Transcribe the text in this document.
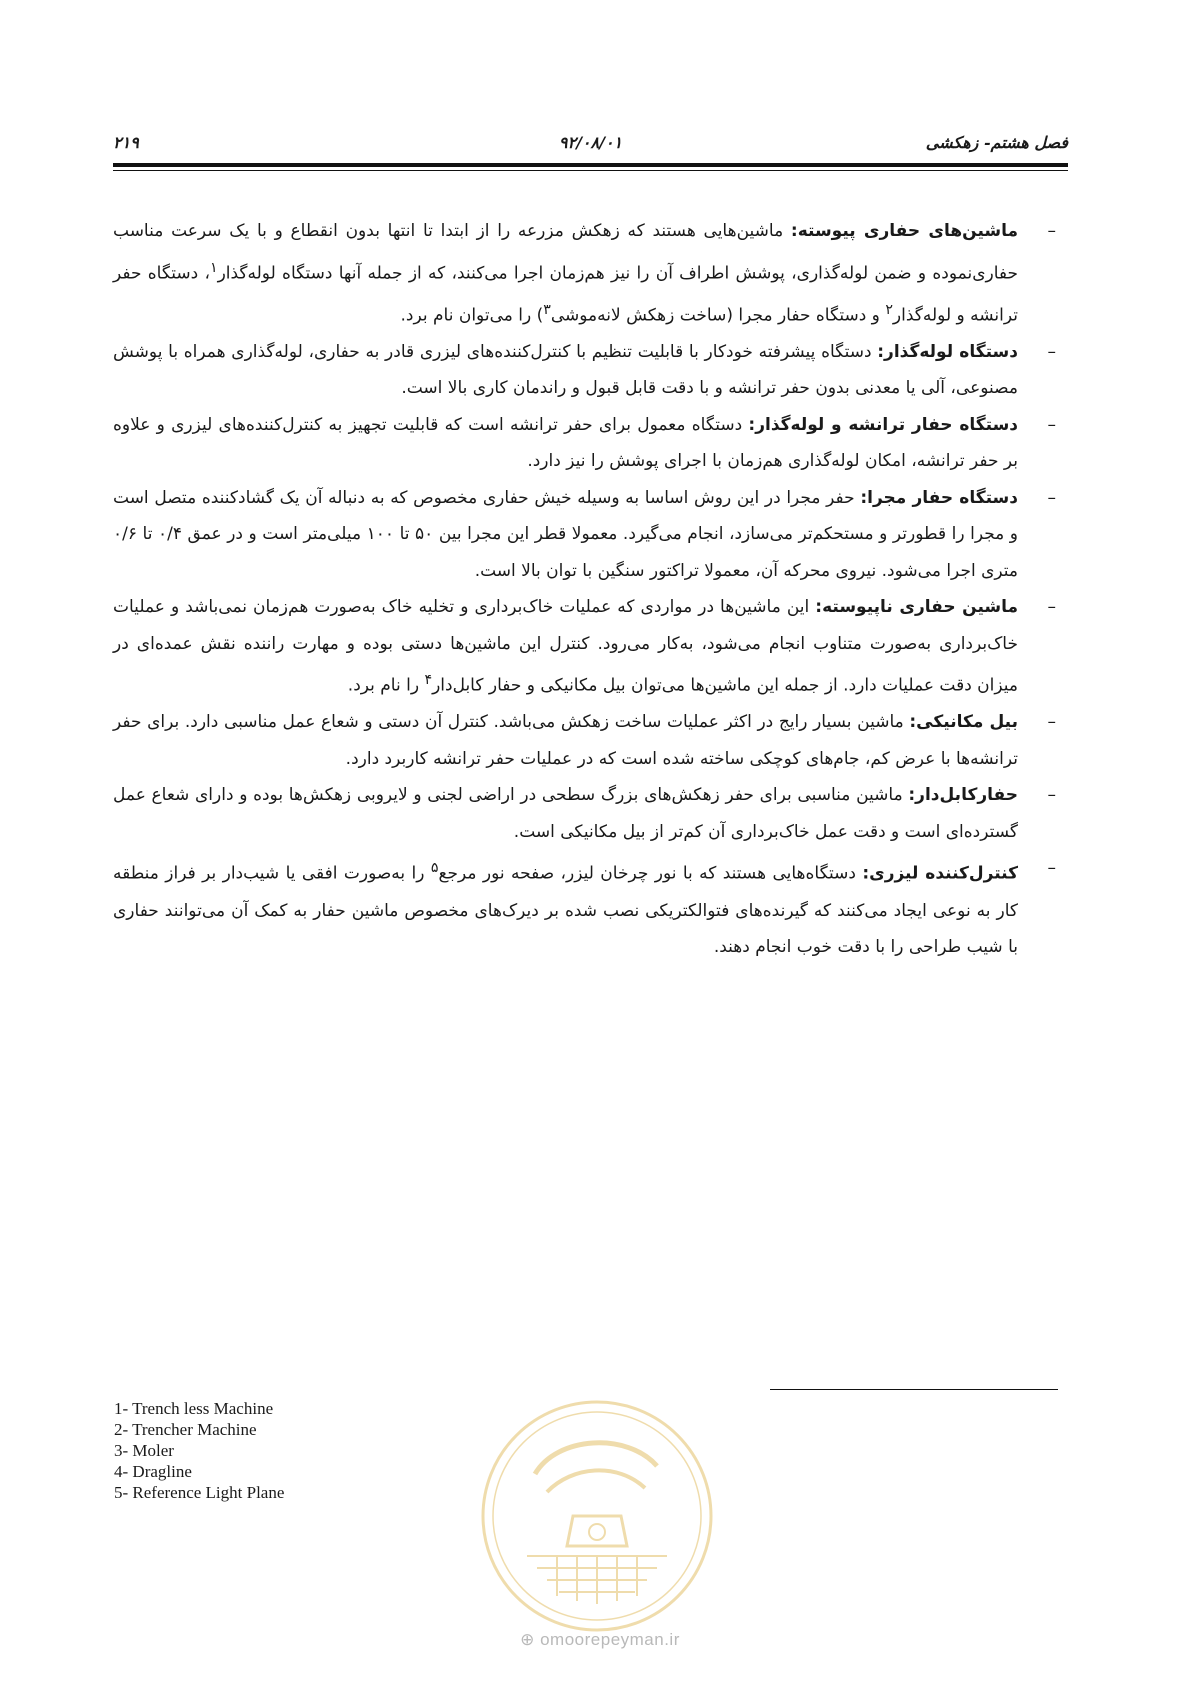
فصل هشتم- زهکشی
۹۲/۰۸/۰۱
۲۱۹

–
ماشین‌های حفاری پیوسته: ماشین‌هایی هستند که زهکش مزرعه را از ابتدا تا انتها بدون انقطاع و با یک سرعت مناسب حفاری‌نموده و ضمن لوله‌گذاری، پوشش اطراف آن را نیز هم‌زمان اجرا می‌کنند، که از جمله آنها دستگاه لوله‌گذار$^۱$، دستگاه حفر ترانشه و لوله‌گذار$^۲$ و دستگاه حفار مجرا (ساخت زهکش لانه‌موشی$^۳$) را می‌توان نام برد.

–
دستگاه لوله‌گذار: دستگاه پیشرفته خودکار با قابلیت تنظیم با کنترل‌کننده‌های لیزری قادر به حفاری، لوله‌گذاری همراه با پوشش مصنوعی، آلی یا معدنی بدون حفر ترانشه و با دقت قابل قبول و راندمان کاری بالا است.

–
دستگاه حفار ترانشه و لوله‌گذار: دستگاه معمول برای حفر ترانشه است که قابلیت تجهیز به کنترل‌کننده‌های لیزری و علاوه بر حفر ترانشه، امکان لوله‌گذاری هم‌زمان با اجرای پوشش را نیز دارد.

–
دستگاه حفار مجرا: حفر مجرا در این روش اساسا به وسیله خیش حفاری مخصوص که به دنباله آن یک گشادکننده متصل است و مجرا را قطورتر و مستحکم‌تر می‌سازد، انجام می‌گیرد. معمولا قطر این مجرا بین ۵۰ تا ۱۰۰ میلی‌متر است و در عمق ۰/۴ تا ۰/۶ متری اجرا می‌شود. نیروی محرکه آن، معمولا تراکتور سنگین با توان بالا است.

–
ماشین حفاری ناپیوسته: این ماشین‌ها در مواردی که عملیات خاک‌برداری و تخلیه خاک به‌صورت هم‌زمان نمی‌باشد و عملیات خاک‌برداری به‌صورت متناوب انجام می‌شود، به‌کار می‌رود. کنترل این ماشین‌ها دستی بوده و مهارت راننده نقش عمده‌ای در میزان دقت عملیات دارد. از جمله این ماشین‌ها می‌توان بیل مکانیکی و حفار کابل‌دار$^۴$ را نام برد.

–
بیل مکانیکی: ماشین بسیار رایج در اکثر عملیات ساخت زهکش می‌باشد. کنترل آن دستی و شعاع عمل مناسبی دارد. برای حفر ترانشه‌ها با عرض کم، جام‌های کوچکی ساخته شده است که در عملیات حفر ترانشه کاربرد دارد.

–
حفارکابل‌دار: ماشین مناسبی برای حفر زهکش‌های بزرگ سطحی در اراضی لجنی و لایروبی زهکش‌ها بوده و دارای شعاع عمل گسترده‌ای است و دقت عمل خاک‌برداری آن کم‌تر از بیل مکانیکی است.

–
کنترل‌کننده لیزری: دستگاه‌هایی هستند که با نور چرخان لیزر، صفحه نور مرجع$^۵$ را به‌صورت افقی یا شیب‌دار بر فراز منطقه کار به نوعی ایجاد می‌کنند که گیرنده‌های فتوالکتریکی نصب شده بر دیرک‌های مخصوص ماشین حفار به کمک آن می‌توانند حفاری با شیب طراحی را با دقت خوب انجام دهند.

1- Trench less Machine
2- Trencher Machine
3- Moler
4- Dragline
5- Reference Light Plane
⊕ omoorepeyman.ir
